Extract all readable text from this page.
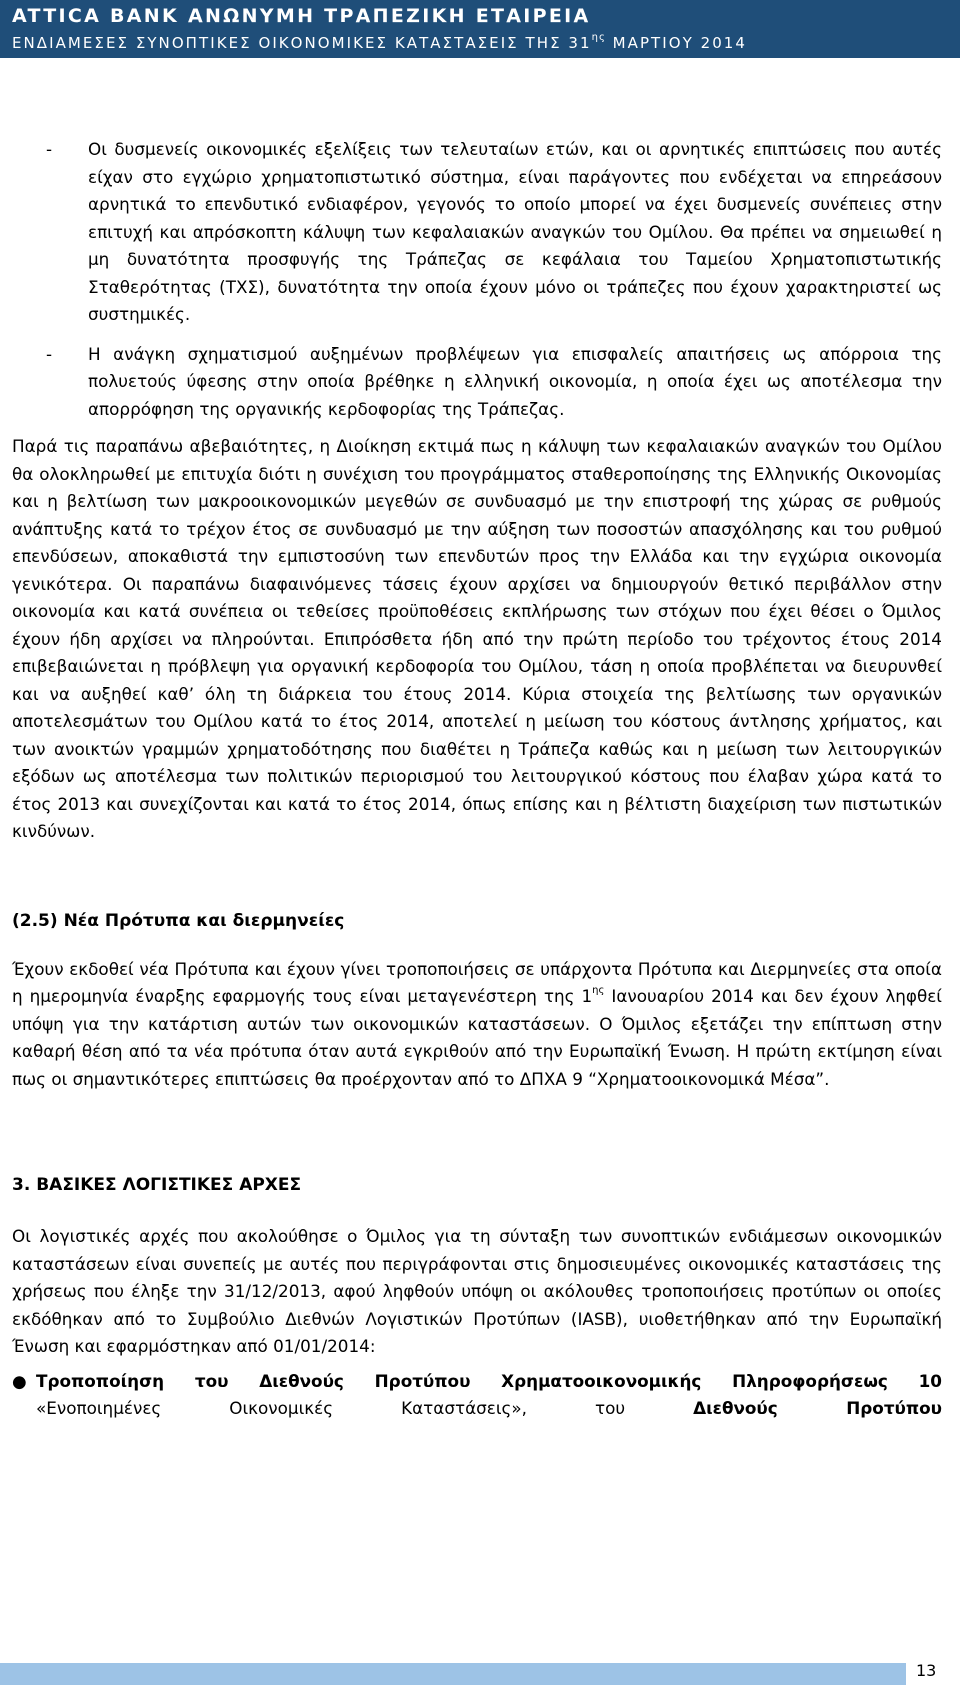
ATTICA BANK ΑΝΩΝΥΜΗ ΤΡΑΠΕΖΙΚΗ ΕΤΑΙΡΕΙΑ
ΕΝΔΙΑΜΕΣΕΣ ΣΥΝΟΠΤΙΚΕΣ ΟΙΚΟΝΟΜΙΚΕΣ ΚΑΤΑΣΤΑΣΕΙΣ ΤΗΣ $31^{\eta\varsigma}$ ΜΑΡΤΙΟΥ 2014

- Οι δυσμενείς οικονομικές εξελίξεις των τελευταίων ετών, και οι αρνητικές επιπτώσεις που αυτές είχαν στο εγχώριο χρηματοπιστωτικό σύστημα, είναι παράγοντες που ενδέχεται να επηρεάσουν αρνητικά το επενδυτικό ενδιαφέρον, γεγονός το οποίο μπορεί να έχει δυσμενείς συνέπειες στην επιτυχή και απρόσκοπτη κάλυψη των κεφαλαιακών αναγκών του Ομίλου. Θα πρέπει να σημειωθεί η μη δυνατότητα προσφυγής της Τράπεζας σε κεφάλαια του Ταμείου Χρηματοπιστωτικής Σταθερότητας (ΤΧΣ), δυνατότητα την οποία έχουν μόνο οι τράπεζες που έχουν χαρακτηριστεί ως συστημικές.

- Η ανάγκη σχηματισμού αυξημένων προβλέψεων για επισφαλείς απαιτήσεις ως απόρροια της πολυετούς ύφεσης στην οποία βρέθηκε η ελληνική οικονομία, η οποία έχει ως αποτέλεσμα την απορρόφηση της οργανικής κερδοφορίας της Τράπεζας.

Παρά τις παραπάνω αβεβαιότητες, η Διοίκηση εκτιμά πως η κάλυψη των κεφαλαιακών αναγκών του Ομίλου θα ολοκληρωθεί με επιτυχία διότι η συνέχιση του προγράμματος σταθεροποίησης της Ελληνικής Οικονομίας και η βελτίωση των μακροοικονομικών μεγεθών σε συνδυασμό με την επιστροφή της χώρας σε ρυθμούς ανάπτυξης κατά το τρέχον έτος σε συνδυασμό με την αύξηση των ποσοστών απασχόλησης και του ρυθμού επενδύσεων, αποκαθιστά την εμπιστοσύνη των επενδυτών προς την Ελλάδα και την εγχώρια οικονομία γενικότερα. Οι παραπάνω διαφαινόμενες τάσεις έχουν αρχίσει να δημιουργούν θετικό περιβάλλον στην οικονομία και κατά συνέπεια οι τεθείσες προϋποθέσεις εκπλήρωσης των στόχων που έχει θέσει ο Όμιλος έχουν ήδη αρχίσει να πληρούνται. Επιπρόσθετα ήδη από την πρώτη περίοδο του τρέχοντος έτους 2014 επιβεβαιώνεται η πρόβλεψη για οργανική κερδοφορία του Ομίλου, τάση η οποία προβλέπεται να διευρυνθεί και να αυξηθεί καθ’ όλη τη διάρκεια του έτους 2014. Κύρια στοιχεία της βελτίωσης των οργανικών αποτελεσμάτων του Ομίλου κατά το έτος 2014, αποτελεί η μείωση του κόστους άντλησης χρήματος, και των ανοικτών γραμμών χρηματοδότησης που διαθέτει η Τράπεζα καθώς και η μείωση των λειτουργικών εξόδων ως αποτέλεσμα των πολιτικών περιορισμού του λειτουργικού κόστους που έλαβαν χώρα κατά το έτος 2013 και συνεχίζονται και κατά το έτος 2014, όπως επίσης και η βέλτιστη διαχείριση των πιστωτικών κινδύνων.

(2.5) Νέα Πρότυπα και διερμηνείες

Έχουν εκδοθεί νέα Πρότυπα και έχουν γίνει τροποποιήσεις σε υπάρχοντα Πρότυπα και Διερμηνείες στα οποία η ημερομηνία έναρξης εφαρμογής τους είναι μεταγενέστερη της $1^{\eta\varsigma}$ Ιανουαρίου 2014 και δεν έχουν ληφθεί υπόψη για την κατάρτιση αυτών των οικονομικών καταστάσεων. Ο Όμιλος εξετάζει την επίπτωση στην καθαρή θέση από τα νέα πρότυπα όταν αυτά εγκριθούν από την Ευρωπαϊκή Ένωση. Η πρώτη εκτίμηση είναι πως οι σημαντικότερες επιπτώσεις θα προέρχονταν από το ΔΠΧΑ 9 “Χρηματοοικονομικά Μέσα”.

3. ΒΑΣΙΚΕΣ ΛΟΓΙΣΤΙΚΕΣ ΑΡΧΕΣ

Οι λογιστικές αρχές που ακολούθησε ο Όμιλος για τη σύνταξη των συνοπτικών ενδιάμεσων οικονομικών καταστάσεων είναι συνεπείς με αυτές που περιγράφονται στις δημοσιευμένες οικονομικές καταστάσεις της χρήσεως που έληξε την 31/12/2013, αφού ληφθούν υπόψη οι ακόλουθες τροποποιήσεις προτύπων οι οποίες εκδόθηκαν από το Συμβούλιο Διεθνών Λογιστικών Προτύπων (IASB), υιοθετήθηκαν από την Ευρωπαϊκή Ένωση και εφαρμόστηκαν από 01/01/2014:

● Τροποποίηση του Διεθνούς Προτύπου Χρηματοοικονομικής Πληροφορήσεως 10
«Ενοποιημένες Οικονομικές Καταστάσεις», του	Διεθνούς Προτύπου
13
